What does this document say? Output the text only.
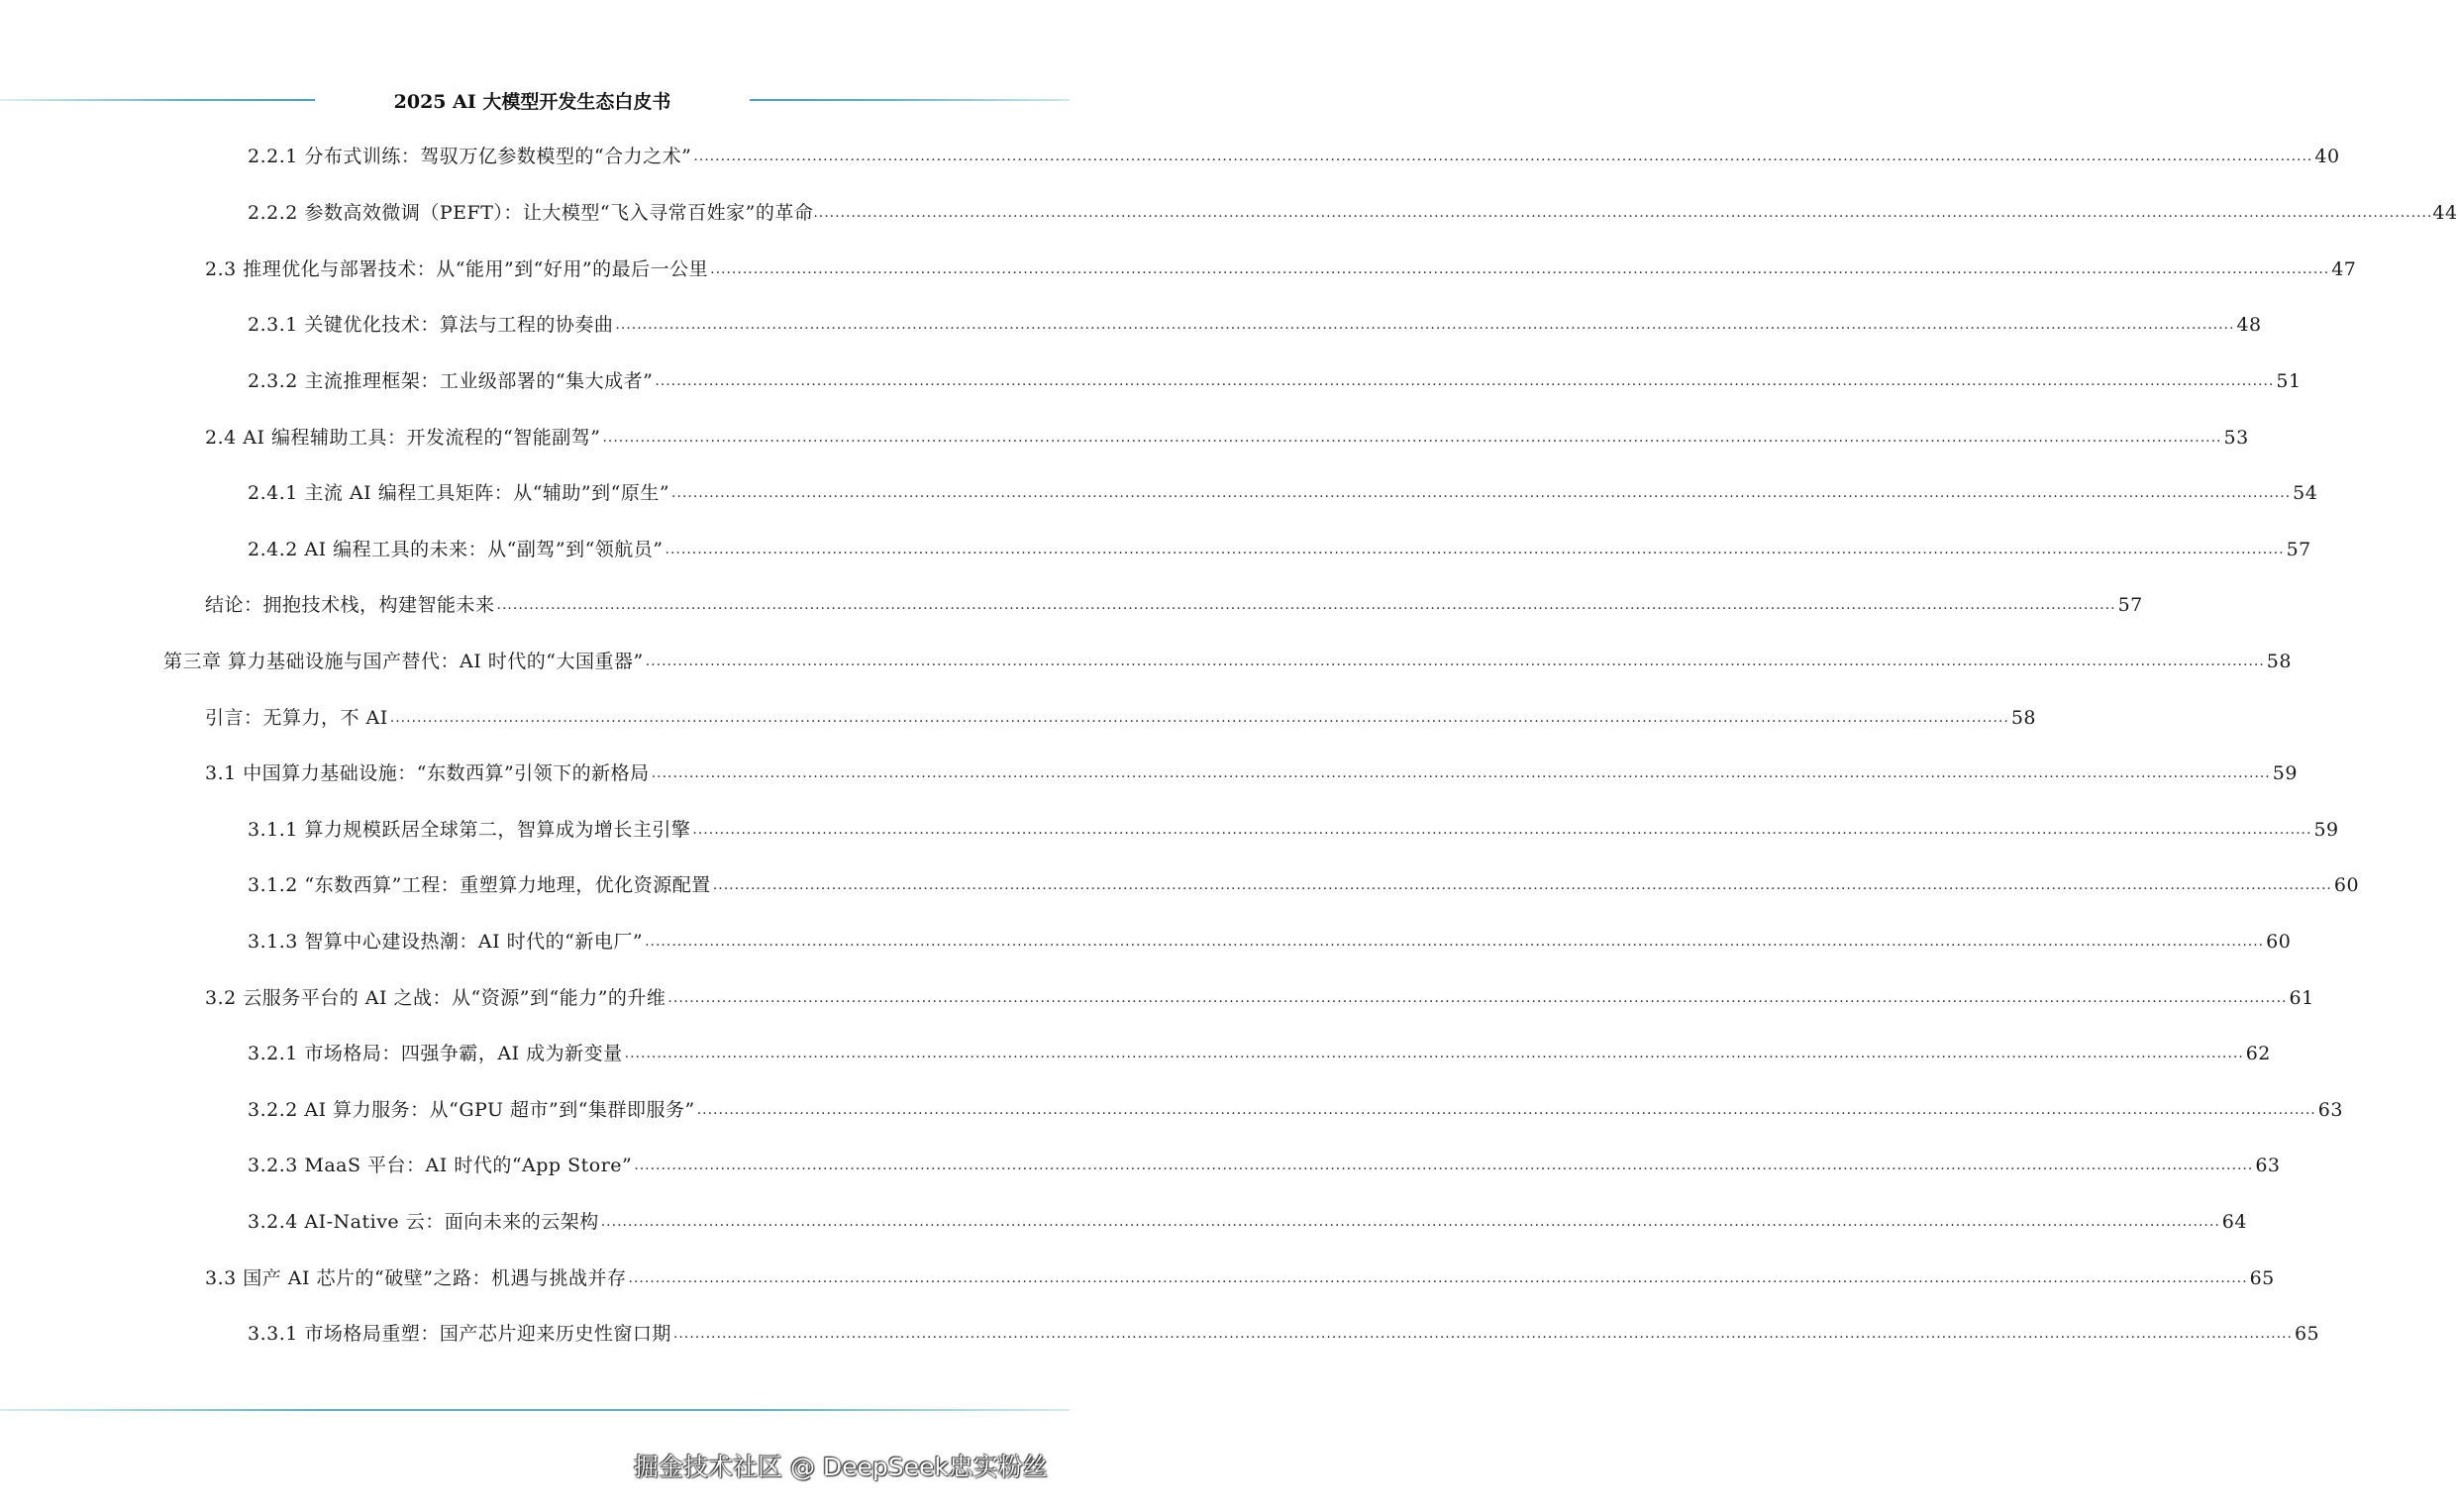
2025 AI 大模型开发生态白皮书
2.2.1 分布式训练：驾驭万亿参数模型的“合力之术” ............................................................................................................................................................................................................................................................................................................ 40
2.2.2 参数高效微调（PEFT）：让大模型“飞入寻常百姓家”的革命 ............................................................................................................................................................................................................................................................................................................ 44
2.3 推理优化与部署技术：从“能用”到“好用”的最后一公里 ............................................................................................................................................................................................................................................................................................................ 47
2.3.1 关键优化技术：算法与工程的协奏曲 ............................................................................................................................................................................................................................................................................................................ 48
2.3.2 主流推理框架：工业级部署的“集大成者” ............................................................................................................................................................................................................................................................................................................ 51
2.4 AI 编程辅助工具：开发流程的“智能副驾” ............................................................................................................................................................................................................................................................................................................ 53
2.4.1 主流 AI 编程工具矩阵：从“辅助”到“原生” ............................................................................................................................................................................................................................................................................................................ 54
2.4.2 AI 编程工具的未来：从“副驾”到“领航员” ............................................................................................................................................................................................................................................................................................................ 57
结论：拥抱技术栈，构建智能未来 ............................................................................................................................................................................................................................................................................................................ 57
第三章 算力基础设施与国产替代：AI 时代的“大国重器” ............................................................................................................................................................................................................................................................................................................ 58
引言：无算力，不 AI ............................................................................................................................................................................................................................................................................................................ 58
3.1 中国算力基础设施：“东数西算”引领下的新格局 ............................................................................................................................................................................................................................................................................................................ 59
3.1.1 算力规模跃居全球第二，智算成为增长主引擎 ............................................................................................................................................................................................................................................................................................................ 59
3.1.2 “东数西算”工程：重塑算力地理，优化资源配置 ............................................................................................................................................................................................................................................................................................................ 60
3.1.3 智算中心建设热潮：AI 时代的“新电厂” ............................................................................................................................................................................................................................................................................................................ 60
3.2 云服务平台的 AI 之战：从“资源”到“能力”的升维 ............................................................................................................................................................................................................................................................................................................ 61
3.2.1 市场格局：四强争霸，AI 成为新变量 ............................................................................................................................................................................................................................................................................................................ 62
3.2.2 AI 算力服务：从“GPU 超市”到“集群即服务” ............................................................................................................................................................................................................................................................................................................ 63
3.2.3 MaaS 平台：AI 时代的“App Store” ............................................................................................................................................................................................................................................................................................................ 63
3.2.4 AI-Native 云：面向未来的云架构 ............................................................................................................................................................................................................................................................................................................ 64
3.3 国产 AI 芯片的“破壁”之路：机遇与挑战并存 ............................................................................................................................................................................................................................................................................................................ 65
3.3.1 市场格局重塑：国产芯片迎来历史性窗口期 ............................................................................................................................................................................................................................................................................................................ 65
掘金技术社区 @ DeepSeek忠实粉丝
